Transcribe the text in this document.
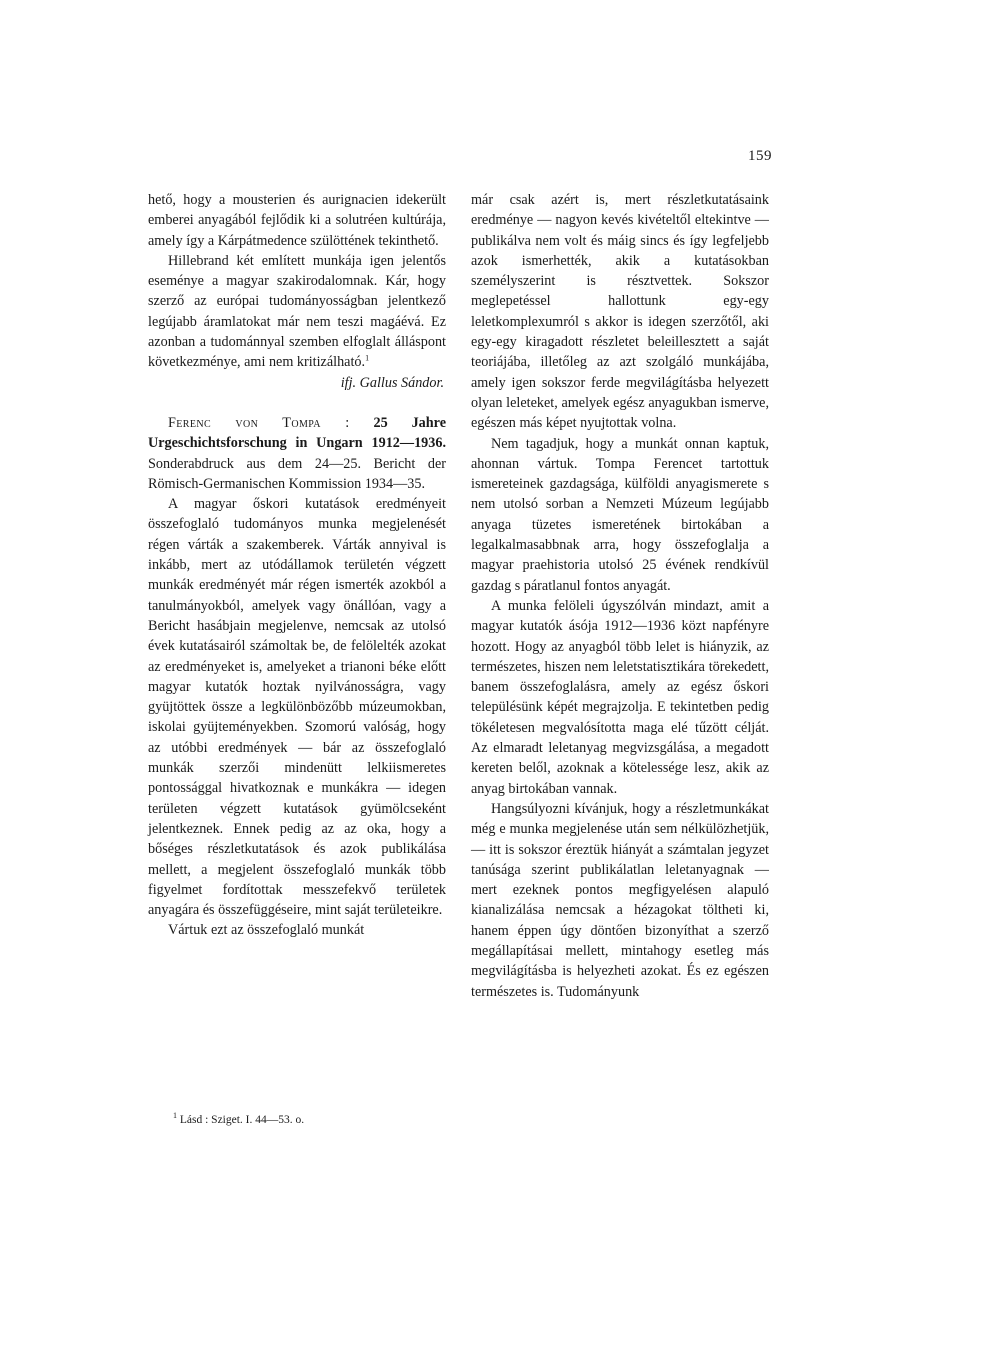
159

hető, hogy a mousterien és aurignacien idekerült emberei anyagából fejlődik ki a solutréen kultúrája, amely így a Kárpátmedence szülöttének tekinthető.

Hillebrand két említett munkája igen jelentős eseménye a magyar szakirodalomnak. Kár, hogy szerző az európai tudományosságban jelentkező legújabb áramlatokat már nem teszi magáévá. Ez azonban a tudománnyal szemben elfoglalt álláspont következménye, ami nem kritizálható.$^1$

ifj. Gallus Sándor.

Ferenc von Tompa : 25 Jahre Urgeschichtsforschung in Ungarn 1912—1936. Sonderabdruck aus dem 24—25. Bericht der Römisch-Germanischen Kommission 1934—35.

A magyar őskori kutatások eredményeit összefoglaló tudományos munka megjelenését régen várták a szakemberek. Várták annyival is inkább, mert az utódállamok területén végzett munkák eredményét már régen ismerték azokból a tanulmányokból, amelyek vagy önállóan, vagy a Bericht hasábjain megjelenve, nemcsak az utolsó évek kutatásairól számoltak be, de felölelték azokat az eredményeket is, amelyeket a trianoni béke előtt magyar kutatók hoztak nyilvánosságra, vagy gyüjtöttek össze a legkülönbözőbb múzeumokban, iskolai gyüjteményekben. Szomorú valóság, hogy az utóbbi eredmények — bár az összefoglaló munkák szerzői mindenütt lelkiismeretes pontossággal hivatkoznak e munkákra — idegen területen végzett kutatások gyümölcseként jelentkeznek. Ennek pedig az az oka, hogy a bőséges részletkutatások és azok publikálása mellett, a megjelent összefoglaló munkák több figyelmet fordítottak messzefekvő területek anyagára és összefüggéseire, mint saját területeikre.

Vártuk ezt az összefoglaló munkát

$^1$ Lásd : Sziget. I. 44—53. o.

már csak azért is, mert részletkutatásaink eredménye — nagyon kevés kivételtől eltekintve — publikálva nem volt és máig sincs és így legfeljebb azok ismerhették, akik a kutatásokban személyszerint is résztvettek. Sokszor meglepetéssel hallottunk egy-egy leletkomplexumról s akkor is idegen szerzőtől, aki egy-egy kiragadott részletet beleillesztett a saját teoriájába, illetőleg az azt szolgáló munkájába, amely igen sokszor ferde megvilágításba helyezett olyan leleteket, amelyek egész anyagukban ismerve, egészen más képet nyujtottak volna.

Nem tagadjuk, hogy a munkát onnan kaptuk, ahonnan vártuk. Tompa Ferencet tartottuk ismereteinek gazdagsága, külföldi anyagismerete s nem utolsó sorban a Nemzeti Múzeum legújabb anyaga tüzetes ismeretének birtokában a legalkalmasabbnak arra, hogy összefoglalja a magyar praehistoria utolsó 25 évének rendkívül gazdag s páratlanul fontos anyagát.

A munka felöleli úgyszólván mindazt, amit a magyar kutatók ásója 1912—1936 közt napfényre hozott. Hogy az anyagból több lelet is hiányzik, az természetes, hiszen nem leletstatisztikára törekedett, banem összefoglalásra, amely az egész őskori településünk képét megrajzolja. E tekintetben pedig tökéletesen megvalósította maga elé tűzött célját. Az elmaradt leletanyag megvizsgálása, a megadott kereten belől, azoknak a kötelessége lesz, akik az anyag birtokában vannak.

Hangsúlyozni kívánjuk, hogy a részletmunkákat még e munka megjelenése után sem nélkülözhetjük, — itt is sokszor éreztük hiányát a számtalan jegyzet tanúsága szerint publikálatlan leletanyagnak — mert ezeknek pontos megfigyelésen alapuló kianalizálása nemcsak a hézagokat töltheti ki, hanem éppen úgy döntően bizonyíthat a szerző megállapításai mellett, mintahogy esetleg más megvilágításba is helyezheti azokat. És ez egészen természetes is. Tudományunk
